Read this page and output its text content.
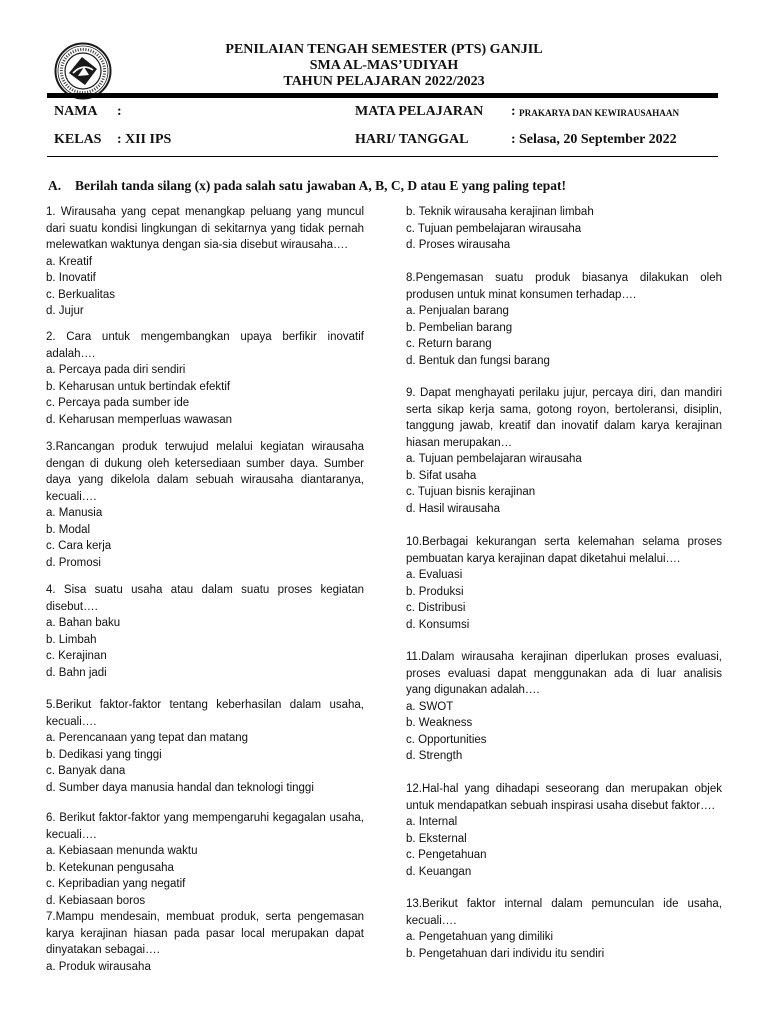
PENILAIAN TENGAH SEMESTER (PTS) GANJIL
SMA AL-MAS’UDIYAH
TAHUN PELAJARAN 2022/2023
NAMA :	MATA PELAJARAN : PRAKARYA DAN KEWIRAUSAHAAN
KELAS : XII IPS	HARI/ TANGGAL	: Selasa, 20 September 2022
A. Berilah tanda silang (x) pada salah satu jawaban A, B, C, D atau E yang paling tepat!
1. Wirausaha yang cepat menangkap peluang yang muncul
dari suatu kondisi lingkungan di sekitarnya yang tidak pernah
melewatkan waktunya dengan sia-sia disebut wirausaha….
a. Kreatif
b. Inovatif
c. Berkualitas
d. Jujur
2. Cara untuk mengembangkan upaya berfikir inovatif
adalah….
a. Percaya pada diri sendiri
b. Keharusan untuk bertindak efektif
c. Percaya pada sumber ide
d. Keharusan memperluas wawasan
3.Rancangan produk terwujud melalui kegiatan wirausaha
dengan di dukung oleh ketersediaan sumber daya. Sumber
daya yang dikelola dalam sebuah wirausaha diantaranya,
kecuali….
a. Manusia
b. Modal
c. Cara kerja
d. Promosi
4. Sisa suatu usaha atau dalam suatu proses kegiatan
disebut….
a. Bahan baku
b. Limbah
c. Kerajinan
d. Bahn jadi
5.Berikut faktor-faktor tentang keberhasilan dalam usaha,
kecuali….
a. Perencanaan yang tepat dan matang
b. Dedikasi yang tinggi
c. Banyak dana
d. Sumber daya manusia handal dan teknologi tinggi
6. Berikut faktor-faktor yang mempengaruhi kegagalan usaha,
kecuali….
a. Kebiasaan menunda waktu
b. Ketekunan pengusaha
c. Kepribadian yang negatif
d. Kebiasaan boros
7.Mampu mendesain, membuat produk, serta pengemasan
karya kerajinan hiasan pada pasar local merupakan dapat
dinyatakan sebagai….
a. Produk wirausaha
b. Teknik wirausaha kerajinan limbah
c. Tujuan pembelajaran wirausaha
d. Proses wirausaha
8.Pengemasan suatu produk biasanya dilakukan oleh
produsen untuk minat konsumen terhadap….
a. Penjualan barang
b. Pembelian barang
c. Return barang
d. Bentuk dan fungsi barang
9. Dapat menghayati perilaku jujur, percaya diri, dan mandiri
serta sikap kerja sama, gotong royon, bertoleransi, disiplin,
tanggung jawab, kreatif dan inovatif dalam karya kerajinan
hiasan merupakan…
a. Tujuan pembelajaran wirausaha
b. Sifat usaha
c. Tujuan bisnis kerajinan
d. Hasil wirausaha
10.Berbagai kekurangan serta kelemahan selama proses
pembuatan karya kerajinan dapat diketahui melalui….
a. Evaluasi
b. Produksi
c. Distribusi
d. Konsumsi
11.Dalam wirausaha kerajinan diperlukan proses evaluasi,
proses evaluasi dapat menggunakan ada di luar analisis
yang digunakan adalah….
a. SWOT
b. Weakness
c. Opportunities
d. Strength
12.Hal-hal yang dihadapi seseorang dan merupakan objek
untuk mendapatkan sebuah inspirasi usaha disebut faktor….
a. Internal
b. Eksternal
c. Pengetahuan
d. Keuangan
13.Berikut faktor internal dalam pemunculan ide usaha,
kecuali….
a. Pengetahuan yang dimiliki
b. Pengetahuan dari individu itu sendiri
